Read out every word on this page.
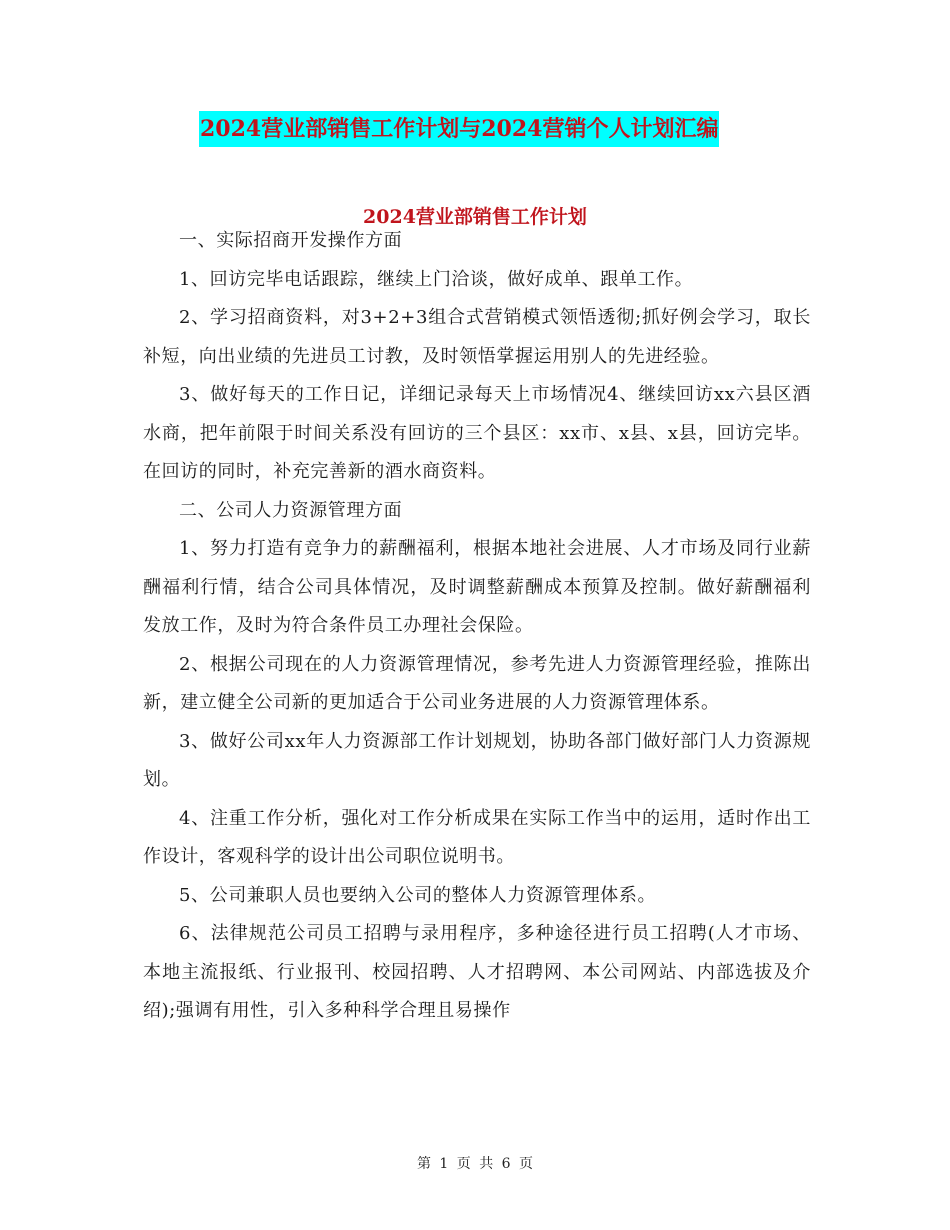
2024营业部销售工作计划与2024营销个人计划汇编
2024营业部销售工作计划

一、实际招商开发操作方面

1、回访完毕电话跟踪，继续上门洽谈，做好成单、跟单工作。

2、学习招商资料，对3+2+3组合式营销模式领悟透彻;抓好例会学习，取长补短，向出业绩的先进员工讨教，及时领悟掌握运用别人的先进经验。

3、做好每天的工作日记，详细记录每天上市场情况4、继续回访xx六县区酒水商，把年前限于时间关系没有回访的三个县区：xx市、x县、x县，回访完毕。在回访的同时，补充完善新的酒水商资料。

二、公司人力资源管理方面

1、努力打造有竞争力的薪酬福利，根据本地社会进展、人才市场及同行业薪酬福利行情，结合公司具体情况，及时调整薪酬成本预算及控制。做好薪酬福利发放工作，及时为符合条件员工办理社会保险。

2、根据公司现在的人力资源管理情况，参考先进人力资源管理经验，推陈出新，建立健全公司新的更加适合于公司业务进展的人力资源管理体系。

3、做好公司xx年人力资源部工作计划规划，协助各部门做好部门人力资源规划。

4、注重工作分析，强化对工作分析成果在实际工作当中的运用，适时作出工作设计，客观科学的设计出公司职位说明书。

5、公司兼职人员也要纳入公司的整体人力资源管理体系。

6、法律规范公司员工招聘与录用程序，多种途径进行员工招聘(人才市场、本地主流报纸、行业报刊、校园招聘、人才招聘网、本公司网站、内部选拔及介绍);强调有用性，引入多种科学合理且易操作

第 1 页 共 6 页
